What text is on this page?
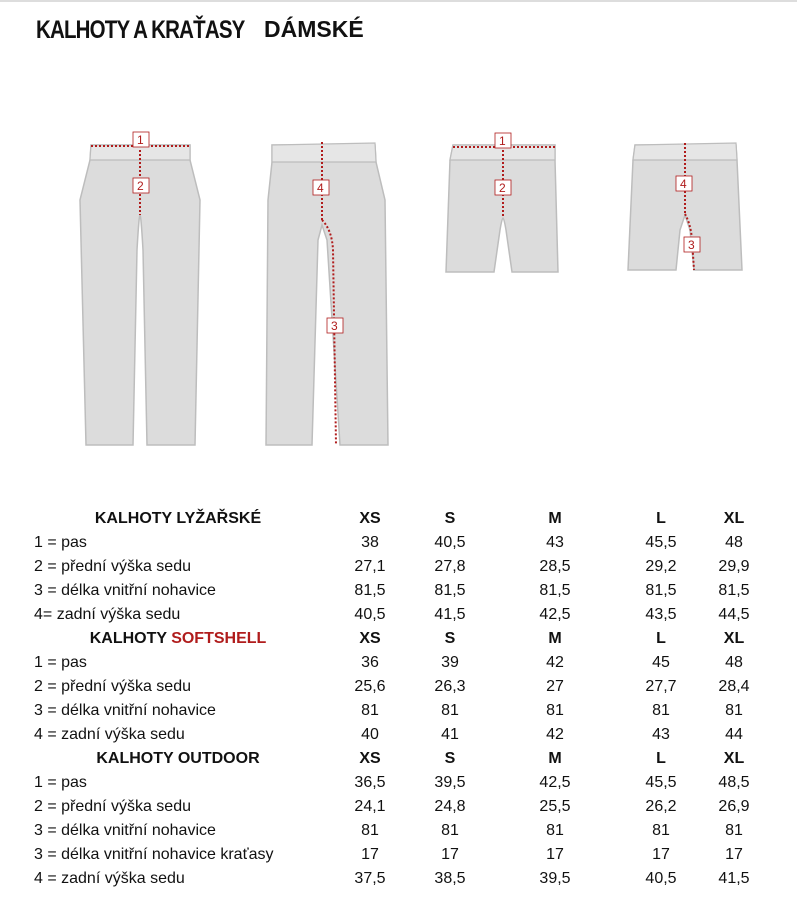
KALHOTY A KRAŤASY DÁMSKÉ
1
2	4
3
1
2	4
3
KALHOTY LYŽAŘSKÉ	XS	S	M	L	XL
1 = pas	38	40,5	43	45,5	48
2 = přední výška sedu	27,1	27,8	28,5	29,2	29,9
3 = délka vnitřní nohavice	81,5	81,5	81,5	81,5	81,5
4= zadní výška sedu	40,5	41,5	42,5	43,5	44,5
KALHOTY SOFTSHELL	XS	S	M	L	XL
1 = pas	36	39	42	45	48
2 = přední výška sedu	25,6	26,3	27	27,7	28,4
3 = délka vnitřní nohavice	81	81	81	81	81
4 = zadní výška sedu	40	41	42	43	44
KALHOTY OUTDOOR	XS	S	M	L	XL
1 = pas	36,5	39,5	42,5	45,5	48,5
2 = přední výška sedu	24,1	24,8	25,5	26,2	26,9
3 = délka vnitřní nohavice	81	81	81	81	81
3 = délka vnitřní nohavice kraťasy	17	17	17	17	17
4 = zadní výška sedu	37,5	38,5	39,5	40,5	41,5
